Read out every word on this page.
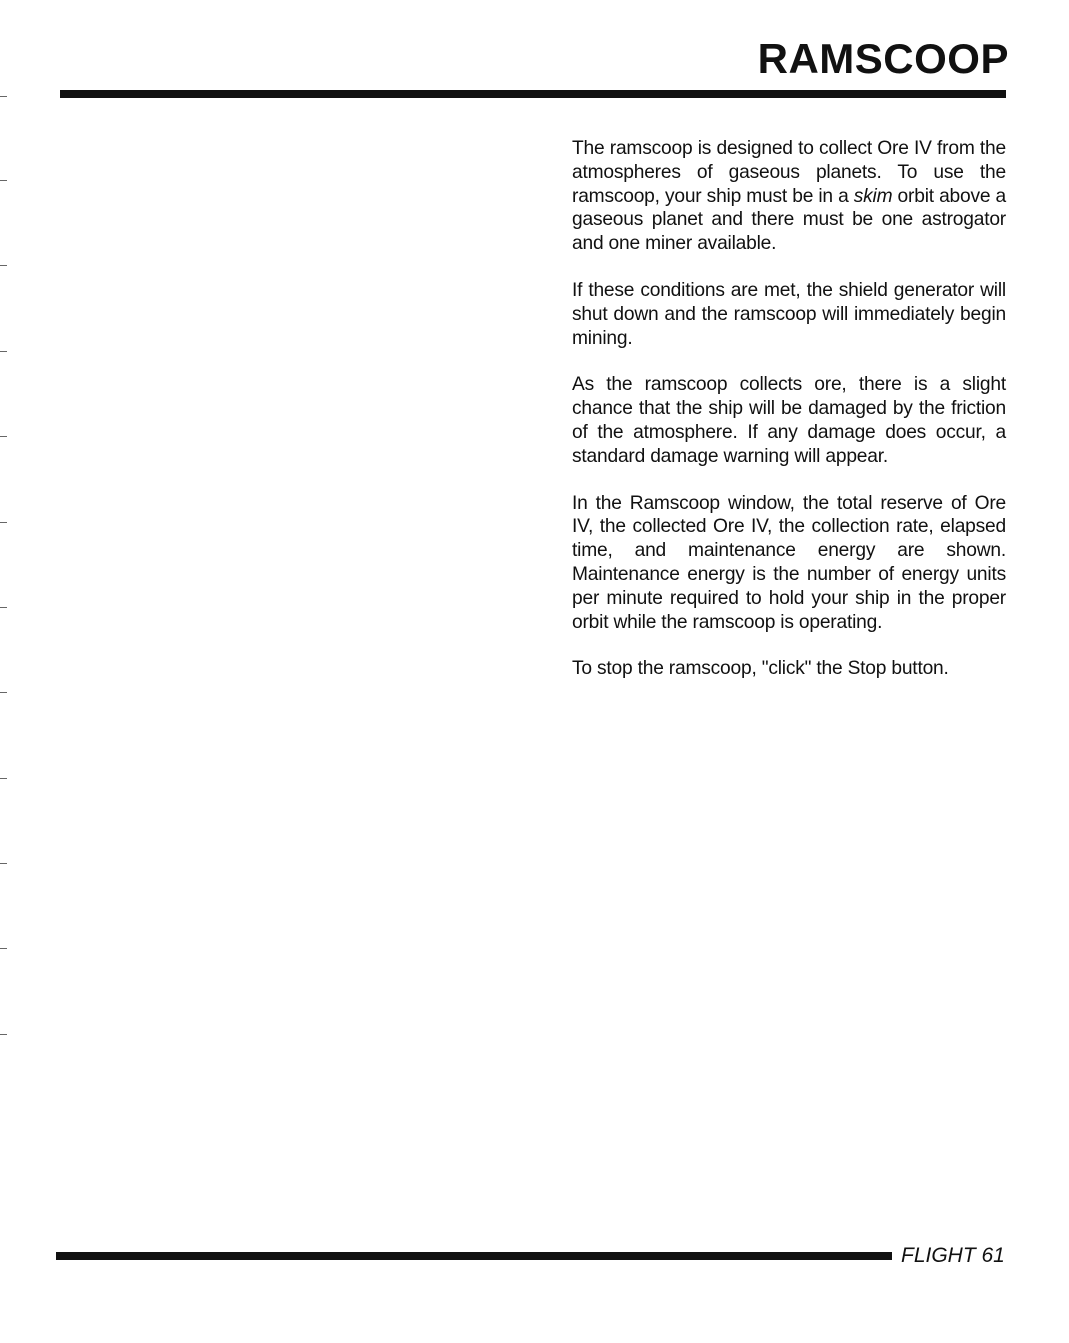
RAMSCOOP

The ramscoop is designed to collect Ore IV from the atmospheres of gaseous planets. To use the ramscoop, your ship must be in a skim orbit above a gaseous planet and there must be one astrogator and one miner available.

If these conditions are met, the shield generator will shut down and the ramscoop will immediately begin mining.

As the ramscoop collects ore, there is a slight chance that the ship will be damaged by the friction of the atmosphere. If any damage does occur, a standard damage warning will appear.

In the Ramscoop window, the total reserve of Ore IV, the collected Ore IV, the collection rate, elapsed time, and maintenance energy are shown. Maintenance energy is the number of energy units per minute required to hold your ship in the proper orbit while the ramscoop is operating.

To stop the ramscoop, "click" the Stop button.

FLIGHT 61
